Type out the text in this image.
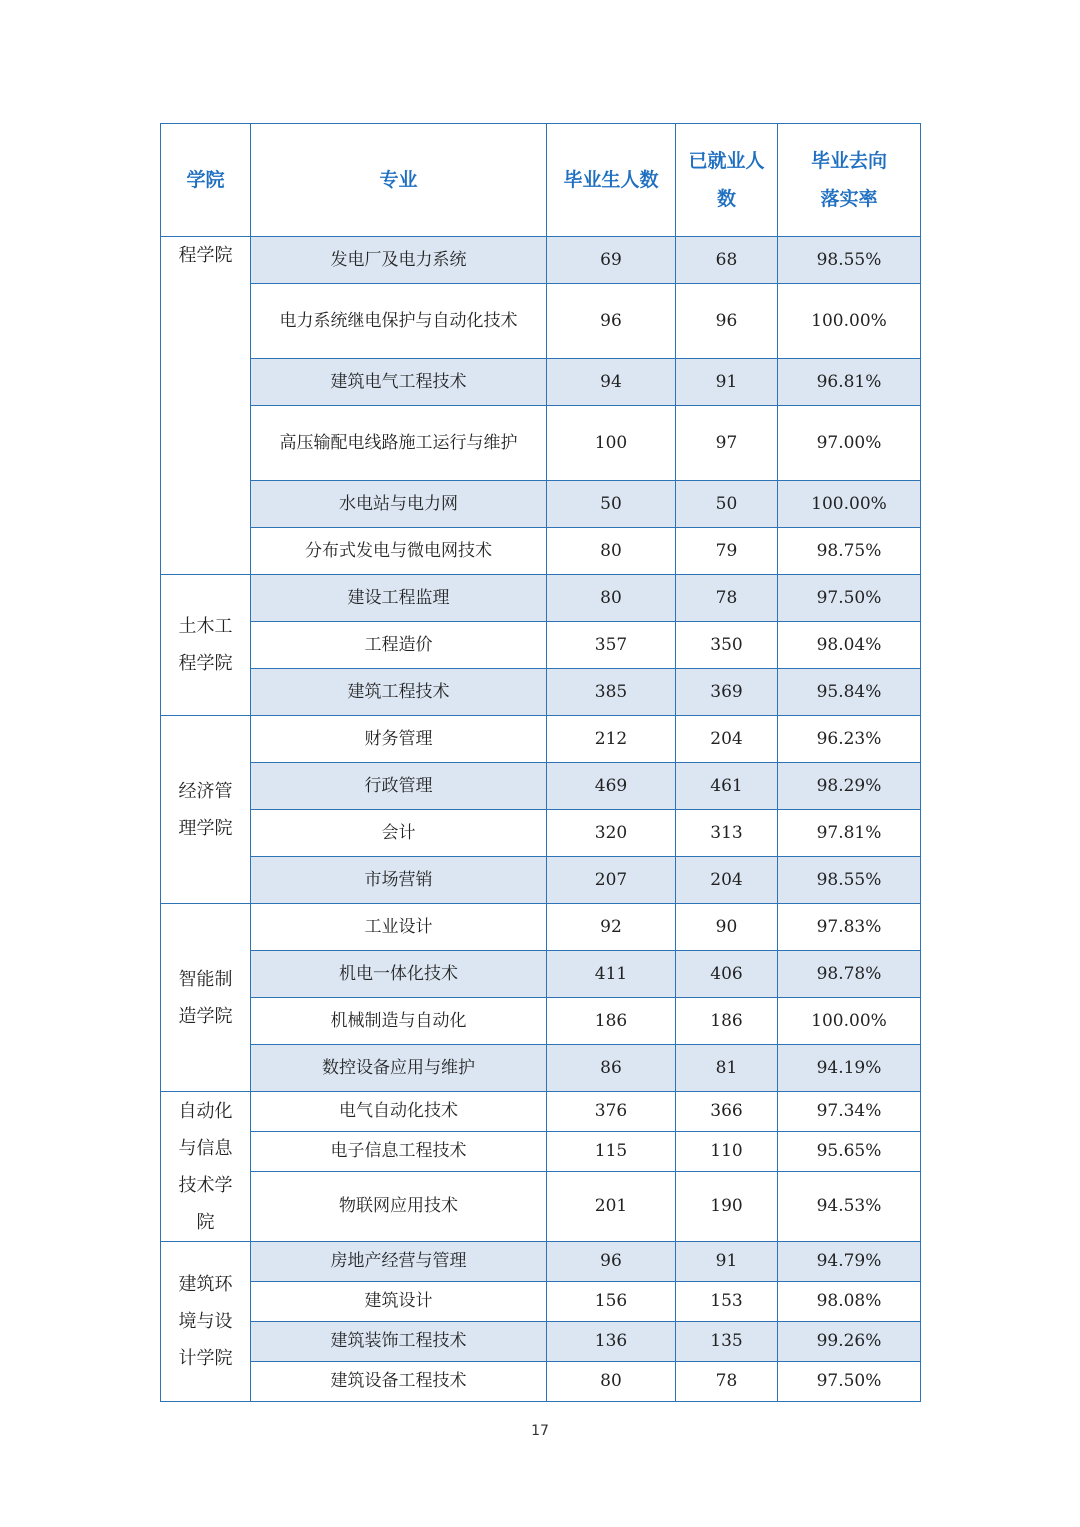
学院	专业	毕业生人数	已就业人数	毕业去向落实率
程学院	发电厂及电力系统	69	68	98.55%
	电力系统继电保护与自动化技术	96	96	100.00%
	建筑电气工程技术	94	91	96.81%
	高压输配电线路施工运行与维护	100	97	97.00%
	水电站与电力网	50	50	100.00%
	分布式发电与微电网技术	80	79	98.75%
土木工程学院	建设工程监理	80	78	97.50%
	工程造价	357	350	98.04%
	建筑工程技术	385	369	95.84%
经济管理学院	财务管理	212	204	96.23%
	行政管理	469	461	98.29%
	会计	320	313	97.81%
	市场营销	207	204	98.55%
智能制造学院	工业设计	92	90	97.83%
	机电一体化技术	411	406	98.78%
	机械制造与自动化	186	186	100.00%
	数控设备应用与维护	86	81	94.19%
自动化与信息技术学院	电气自动化技术	376	366	97.34%
	电子信息工程技术	115	110	95.65%
	物联网应用技术	201	190	94.53%
建筑环境与设计学院	房地产经营与管理	96	91	94.79%
	建筑设计	156	153	98.08%
	建筑装饰工程技术	136	135	99.26%
	建筑设备工程技术	80	78	97.50%
17
